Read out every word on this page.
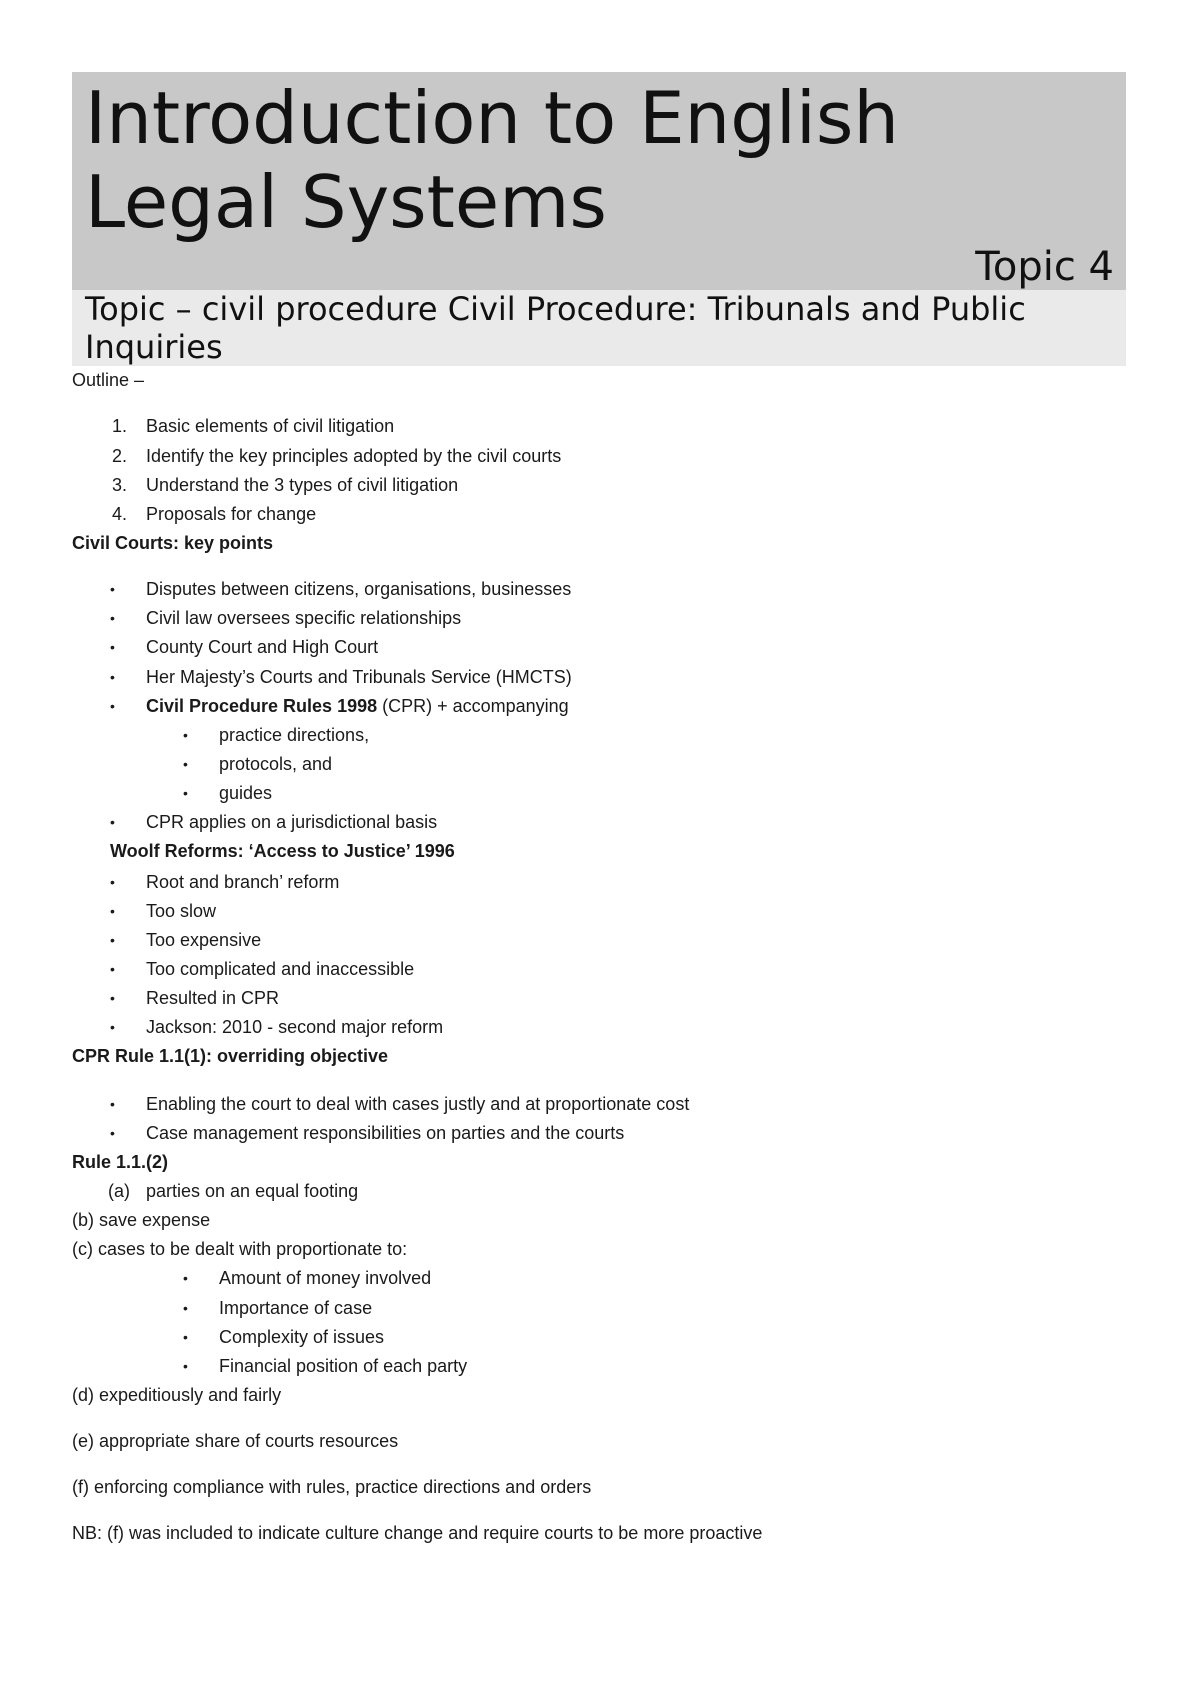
Introduction to English Legal Systems
Topic 4
Topic – civil procedure Civil Procedure: Tribunals and Public Inquiries
Outline –
1. Basic elements of civil litigation
2. Identify the key principles adopted by the civil courts
3. Understand the 3 types of civil litigation
4. Proposals for change
Civil Courts: key points
• Disputes between citizens, organisations, businesses
• Civil law oversees specific relationships
• County Court and High Court
• Her Majesty’s Courts and Tribunals Service (HMCTS)
• Civil Procedure Rules 1998 (CPR) + accompanying
• practice directions,
• protocols, and
• guides
• CPR applies on a jurisdictional basis
Woolf Reforms: ‘Access to Justice’ 1996
• Root and branch’ reform
• Too slow
• Too expensive
• Too complicated and inaccessible
• Resulted in CPR
• Jackson: 2010 - second major reform
CPR Rule 1.1(1): overriding objective
• Enabling the court to deal with cases justly and at proportionate cost
• Case management responsibilities on parties and the courts
Rule 1.1.(2)
(a) parties on an equal footing
(b) save expense
(c) cases to be dealt with proportionate to:
• Amount of money involved
• Importance of case
• Complexity of issues
• Financial position of each party
(d) expeditiously and fairly
(e) appropriate share of courts resources
(f) enforcing compliance with rules, practice directions and orders
NB: (f) was included to indicate culture change and require courts to be more proactive
